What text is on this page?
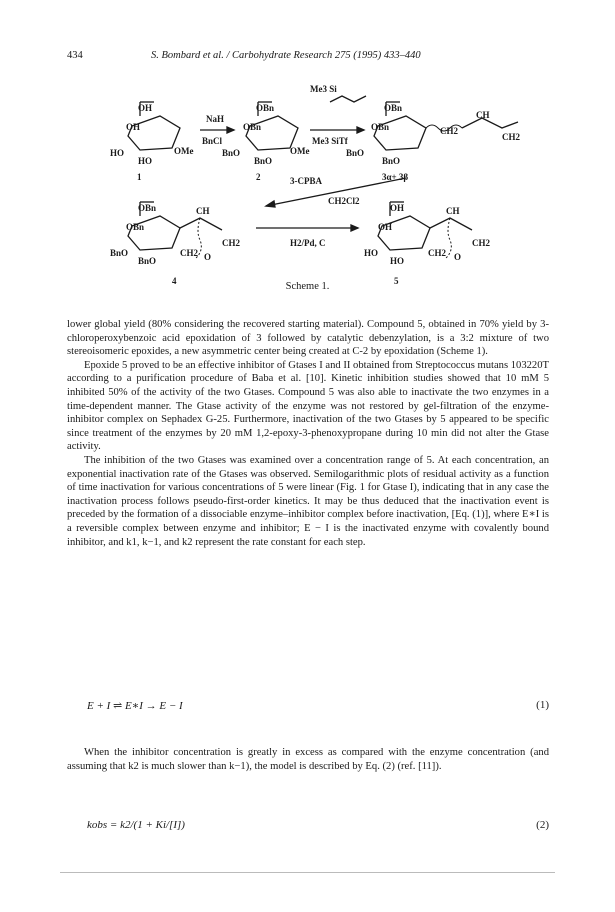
434	S. Bombard et al. / Carbohydrate Research 275 (1995) 433–440
OH
OH
HO	OMe
HO
1
NaH
BnCl
OBn
OBn
BnO	OMe
BnO
2
Me3 Si
Me3 SiTf
OBn
OBn
BnO
BnO
CH2
CH
CH2
3α+ 3β
3-CPBA
CH2Cl2
OBn
OBn
BnO
BnO
CH2
CH
CH2
O
4
H2/Pd, C
OH
OH
HO
HO
CH2
CH
CH2
O
5
Scheme 1.

lower global yield (80% considering the recovered starting material). Compound 5, obtained in 70% yield by 3-chloroperoxybenzoic acid epoxidation of 3 followed by catalytic debenzylation, is a 3:2 mixture of two stereoisomeric epoxides, a new asymmetric center being created at C-2 by epoxidation (Scheme 1).

Epoxide 5 proved to be an effective inhibitor of Gtases I and II obtained from Streptococcus mutans 103220T according to a purification procedure of Baba et al. [10]. Kinetic inhibition studies showed that 10 mM 5 inhibited 50% of the activity of the two Gtases. Compound 5 was also able to inactivate the two enzymes in a time-dependent manner. The Gtase activity of the enzyme was not restored by gel-filtration of the enzyme-inhibitor complex on Sephadex G-25. Furthermore, inactivation of the two Gtases by 5 appeared to be specific since treatment of the enzymes by 20 mM 1,2-epoxy-3-phenoxypropane during 10 min did not alter the Gtase activity.

The inhibition of the two Gtases was examined over a concentration range of 5. At each concentration, an exponential inactivation rate of the Gtases was observed. Semilogarithmic plots of residual activity as a function of time inactivation for various concentrations of 5 were linear (Fig. 1 for Gtase I), indicating that in any case the inactivation process follows pseudo-first-order kinetics. It may be thus deduced that the inactivation event is preceded by the formation of a dissociable enzyme–inhibitor complex before inactivation, [Eq. (1)], where E∗I is a reversible complex between enzyme and inhibitor; E − I is the inactivated enzyme with covalently bound inhibitor, and k1, k−1, and k2 represent the rate constant for each step.

E + I ⇌ E∗I → E − I	(1)

When the inhibitor concentration is greatly in excess as compared with the enzyme concentration (and assuming that k2 is much slower than k−1), the model is described by Eq. (2) (ref. [11]).

kobs = k2/(1 + Ki/[I])	(2)
